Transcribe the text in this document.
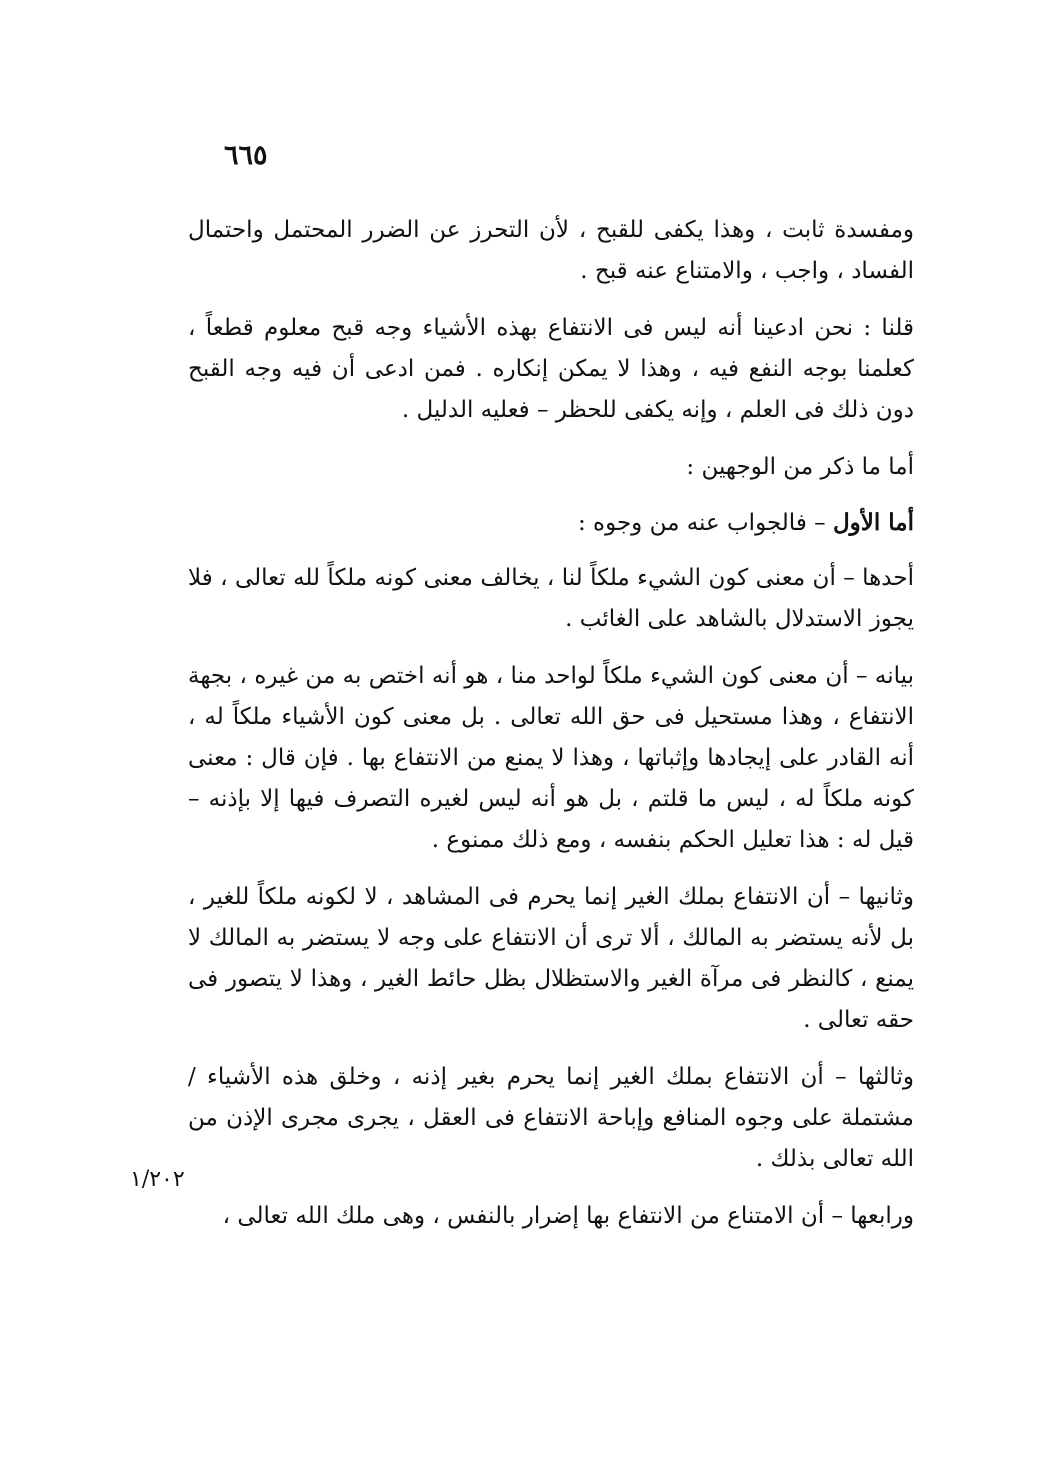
٦٦٥
١/٢٠٢

ومفسدة ثابت ، وهذا يكفى للقبح ، لأن التحرز عن الضرر المحتمل واحتمال الفساد ، واجب ، والامتناع عنه قبح .

قلنا : نحن ادعينا أنه ليس فى الانتفاع بهذه الأشياء وجه قبح معلوم قطعاً ، كعلمنا بوجه النفع فيه ، وهذا لا يمكن إنكاره . فمن ادعى أن فيه وجه القبح دون ذلك فى العلم ، وإنه يكفى للحظر – فعليه الدليل .

أما ما ذكر من الوجهين :

أما الأول – فالجواب عنه من وجوه :

أحدها – أن معنى كون الشيء ملكاً لنا ، يخالف معنى كونه ملكاً لله تعالى ، فلا يجوز الاستدلال بالشاهد على الغائب .

بيانه – أن معنى كون الشيء ملكاً لواحد منا ، هو أنه اختص به من غيره ، بجهة الانتفاع ، وهذا مستحيل فى حق الله تعالى . بل معنى كون الأشياء ملكاً له ، أنه القادر على إيجادها وإثباتها ، وهذا لا يمنع من الانتفاع بها . فإن قال : معنى كونه ملكاً له ، ليس ما قلتم ، بل هو أنه ليس لغيره التصرف فيها إلا بإذنه – قيل له : هذا تعليل الحكم بنفسه ، ومع ذلك ممنوع .

وثانيها – أن الانتفاع بملك الغير إنما يحرم فى المشاهد ، لا لكونه ملكاً للغير ، بل لأنه يستضر به المالك ، ألا ترى أن الانتفاع على وجه لا يستضر به المالك لا يمنع ، كالنظر فى مرآة الغير والاستظلال بظل حائط الغير ، وهذا لا يتصور فى حقه تعالى .

وثالثها – أن الانتفاع بملك الغير إنما يحرم بغير إذنه ، وخلق هذه الأشياء / مشتملة على وجوه المنافع وإباحة الانتفاع فى العقل ، يجرى مجرى الإذن من الله تعالى بذلك .

ورابعها – أن الامتناع من الانتفاع بها إضرار بالنفس ، وهى ملك الله تعالى ،
